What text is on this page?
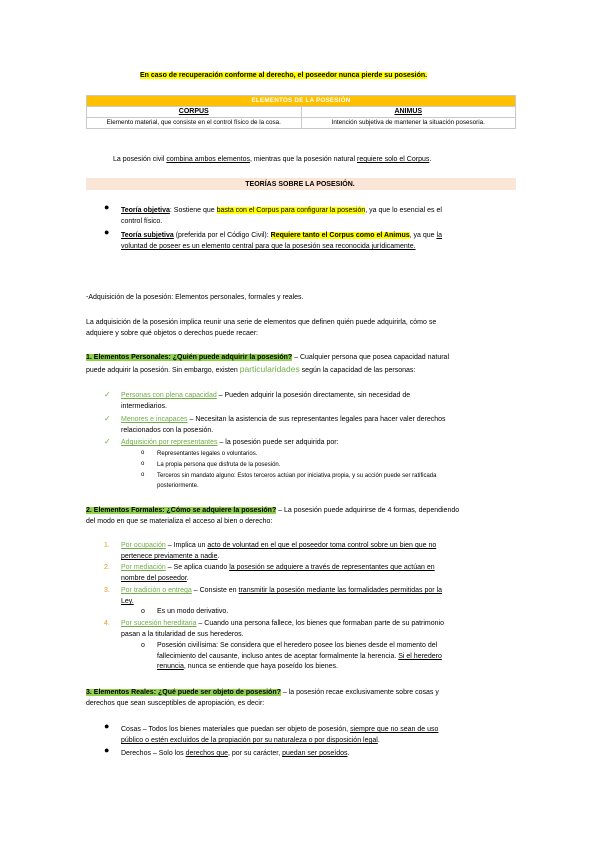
En caso de recuperación conforme al derecho, el poseedor nunca pierde su posesión.
ELEMENTOS DE LA POSESIÓN	
CORPUS	ANIMUS
Elemento material, que consiste en el control físico de la cosa.	Intención subjetiva de mantener la situación posesoria.
La posesión civil combina ambos elementos, mientras que la posesión natural requiere solo el Corpus.
TEORÍAS SOBRE LA POSESIÓN.
● Teoría objetiva: Sostiene que basta con el Corpus para configurar la posesión, ya que lo esencial es el
control físico.
● Teoría subjetiva (preferida por el Código Civil): Requiere tanto el Corpus como el Animus, ya que la
voluntad de poseer es un elemento central para que la posesión sea reconocida jurídicamente.
-Adquisición de la posesión: Elementos personales, formales y reales.
La adquisición de la posesión implica reunir una serie de elementos que definen quién puede adquirirla, cómo se
adquiere y sobre qué objetos o derechos puede recaer:
1. Elementos Personales: ¿Quién puede adquirir la posesión? – Cualquier persona que posea capacidad natural
puede adquirir la posesión. Sin embargo, existen particularidades según la capacidad de las personas:
✓ Personas con plena capacidad – Pueden adquirir la posesión directamente, sin necesidad de
intermediarios.
✓ Menores e incapaces – Necesitan la asistencia de sus representantes legales para hacer valer derechos
relacionados con la posesión.
✓ Adquisición por representantes – la posesión puede ser adquirida por:
o Representantes legales o voluntarios.
o La propia persona que disfruta de la posesión.
o Terceros sin mandato alguno: Estos terceros actúan por iniciativa propia, y su acción puede ser ratificada
posteriormente.
2. Elementos Formales: ¿Cómo se adquiere la posesión? – La posesión puede adquirirse de 4 formas, dependiendo
del modo en que se materializa el acceso al bien o derecho:
1. Por ocupación – Implica un acto de voluntad en el que el poseedor toma control sobre un bien que no
pertenece previamente a nadie.
2. Por mediación – Se aplica cuando la posesión se adquiere a través de representantes que actúan en
nombre del poseedor.
3. Por tradición o entrega – Consiste en transmitir la posesión mediante las formalidades permitidas por la
Ley.
o Es un modo derivativo.
4. Por sucesión hereditaria – Cuando una persona fallece, los bienes que formaban parte de su patrimonio
pasan a la titularidad de sus herederos.
o Posesión civilísima: Se considera que el heredero posee los bienes desde el momento del
fallecimiento del causante, incluso antes de aceptar formalmente la herencia. Si el heredero
renuncia, nunca se entiende que haya poseído los bienes.
3. Elementos Reales: ¿Qué puede ser objeto de posesión? – la posesión recae exclusivamente sobre cosas y
derechos que sean susceptibles de apropiación, es decir:
● Cosas – Todos los bienes materiales que puedan ser objeto de posesión, siempre que no sean de uso
público o estén excluidos de la propiación por su naturaleza o por disposición legal.
● Derechos – Solo los derechos que, por su carácter, puedan ser poseídos.
